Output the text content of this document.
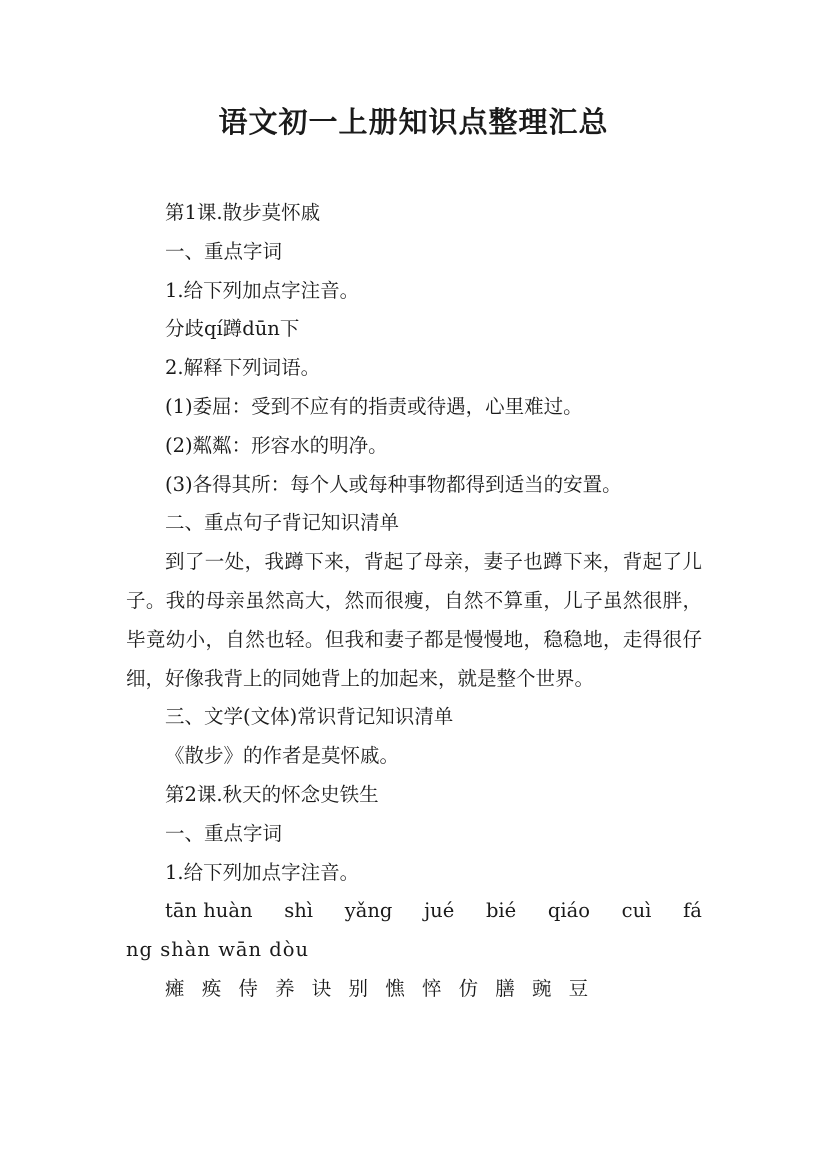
语文初一上册知识点整理汇总

第1课.散步莫怀戚

一、重点字词

1.给下列加点字注音。

分歧qí蹲dūn下

2.解释下列词语。

(1)委屈：受到不应有的指责或待遇，心里难过。

(2)粼粼：形容水的明净。

(3)各得其所：每个人或每种事物都得到适当的安置。

二、重点句子背记知识清单

到了一处，我蹲下来，背起了母亲，妻子也蹲下来，背起了儿子。我的母亲虽然高大，然而很瘦，自然不算重，儿子虽然很胖，毕竟幼小，自然也轻。但我和妻子都是慢慢地，稳稳地，走得很仔细，好像我背上的同她背上的加起来，就是整个世界。

三、文学(文体)常识背记知识清单

《散步》的作者是莫怀戚。

第2课.秋天的怀念史铁生

一、重点字词

1.给下列加点字注音。

tān huàn shì yǎng jué bié qiáo cuì fá

ng shàn wān dòu

瘫 痪 侍 养 诀 别 憔 悴 仿 膳 豌 豆
